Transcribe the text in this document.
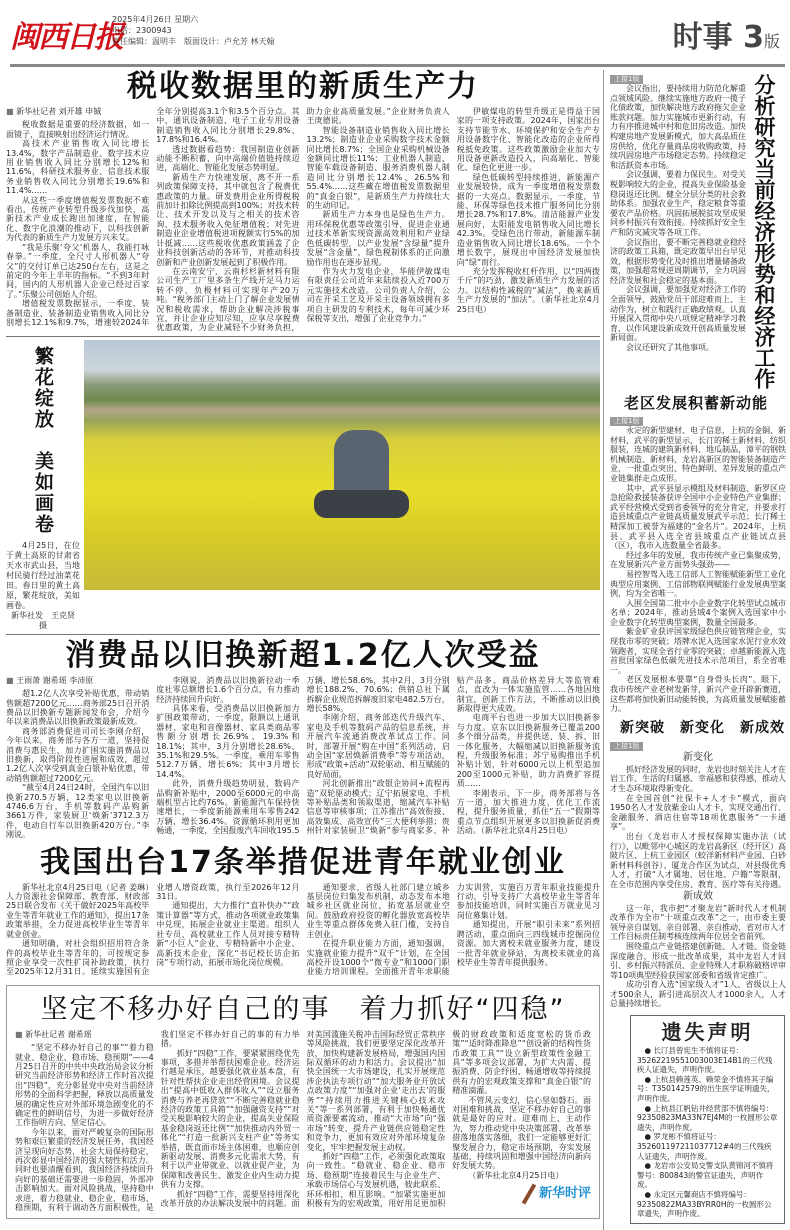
闽西日报
2025年4月26日 星期六
电话：2300943
责任编辑：温明丰　版面设计：卢允芳 林天翰	时事 3版
税收数据里的新质生产力

■ 新华社记者 刘开雄 申铖

税收数据是重要的经济数据，如一面镜子，直接映射出经济运行情况。

高技术产业销售收入同比增长13.4%，数字产品制造业、数字技术应用业销售收入同比分别增长12%和11.6%，科研技术服务业、信息技术服务业销售收入同比分别增长19.6%和11.4%……

从这些一季度增值税发票数据不难看出，传统产业转型升级步伐加快，高新技术产业成长跑出加速度，在智能化、数字化浪潮的推动下，以科技创新为代表的新质生产力发展方兴未艾。

“我是乐聚‘夸父’机器人，我能打咏春拳。”一季度，全尺寸人形机器人“夸父”的交付订单已达250台左右，这是之前定的今年上半年的指标。“不到3年时间，国内的人形机器人企业已经过百家了。”乐聚公司创始人介绍。

增值税发票数据显示，一季度，装备制造业、装备制造业销售收入同比分别增长12.1%和9.7%，增速较2024年全年分别提高3.1个和3.5个百分点。其中，通讯设备制造、电子工业专用设备制造销售收入同比分别增长29.8%、17.8%和16.4%。

透过数据看趋势：我国制造业创新动能不断积蓄，向中高端价值链持续迈进，高端化、智能化发展态势明显。

新质生产力快速发展，离不开一系列政策保障支持，其中就包含了税费优惠政策的力量。研发费用企业所得税税前加计扣除比例提高到100%；对技术转让、技术开发以及与之相关的技术咨询、技术服务收入免征增值税；对先进制造业企业增值税进项税额实行5%的加计抵减……这些税收优惠政策涵盖了企业科技创新活动的各环节，对推动科技创新和产业创新发展起到了积极作用。

在云南安宁，云南杉杉新材料有限公司生产工厂里多条生产线开足马力运转不停，负极材料可实现年产20万吨。“税务部门主动上门了解企业发展情况和税收需求，帮助企业解决涉税事宜，并让企业应知尽知，应享尽享税费优惠政策，为企业减轻不少财务负担，助力企业高质量发展。”企业财务负责人王庚德说。

智能设备制造业销售收入同比增长13.2%；制造业企业采购数字技术金额同比增长8.7%；全国企业采购机械设备金额同比增长11%；工业机器人制造、智能车载设备制造、服务消费机器人制造同比分别增长12.4%、26.5%和55.4%……这些藏在增值税发票数据里的“真金白银”，是新质生产力持续壮大的生动印记。

新质生产力本身也是绿色生产力。用环保税优惠等政策引导，促进企业通过技术革新实现资源高效利用和产业绿色低碳转型，以产业发展“含绿量”提升发展“含金量”，绿色税制体系的正向激励作用也在逐步显现。

作为火力发电企业，华能伊敏煤电有限责任公司近年来陆续投入近700万元实施技术改造。公司负责人介绍，公司在开采工艺及开采主设备领域拥有多项自主研发的专利技术，每年可减少环保税等支出，增强了企业竞争力。”

伊敏煤电的转型升级正是得益于国家的一项支持政策。2024年，国家出台支持节能节水、环境保护和安全生产专用设备数字化、智能化改造的企业所得税抵免政策。这些政策激励企业加大专用设备更新改造投入，向高端化、智能化、绿色化更进一步。

绿色低碳转型持续推进，新能源产业发展较快，成为一季度增值税发票数据的一大亮点。数据显示，一季度，节能、环保等绿色技术推广服务同比分别增长28.7%和17.8%。清洁能源产业发展向好，太阳能发电销售收入同比增长42.3%。受绿色出行带动，新能源车制造业销售收入同比增长18.6%。一个个增长数字，展现出中国经济发展加快向“绿”而行。

充分发挥税收杠杆作用，以“四两拨千斤”的巧劲，激发新质生产力发展的活力。以结构性减税的“减法”，换来新质生产力发展的“加法”。（新华社北京4月25日电）

繁花绽放　美如画卷
4月25日，在位于黄土高原的甘肃省天水市武山县，当地村民骑行经过油菜花田。春日里的黄土高原，繁花绽放，美如画卷。
新华社发　王克贤 摄
消费品以旧换新超1.2亿人次受益

■ 王雨萧 谢希瑶 李沛原

超1.2亿人次享受补贴优惠，带动销售额超7200亿元……商务部25日召开消费品以旧换新专题新闻发布会，介绍今年以来消费品以旧换新政策最新成效。

商务部消费促进司司长李刚介绍，今年以来，商务部与各方一道，坚持促消费与惠民生，加力扩围实施消费品以旧换新，取得阶段性进展和成效，超过1.2亿人次享受到真金白银补贴优惠，带动销售额超过7200亿元。

“截至4月24日24时，全国汽车以旧换新270.5万辆，12类家电以旧换新4746.6万台，手机等数码产品购新3661万件，家装厨卫‘焕新’3712.3万件，电动自行车以旧换新420万台。”李刚说。

李刚说，消费品以旧换新拉动一季度社零总额增长1.6个百分点，有力推动经济持续回升向好。

具体来看，受消费品以旧换新加力扩围政策带动，一季度，限额以上通讯器材、家电和音像器材、家具类商品零售额分别增长26.9%、19.3%和18.1%；其中，3月分别增长28.6%、35.1%和29.5%。一季度，乘用车零售512.7万辆，增长6%；其中3月增长14.4%。

此外，消费升级趋势明显，数码产品购新补贴中，2000至6000元的中高端机型占比约76%。新能源汽车保持快速增长，一季度新能源乘用车零售242万辆，增长36.4%。资源循环利用更加畅通，一季度，全国报废汽车回收195.5万辆，增长58.6%，其中2月、3月分别增长188.2%、70.6%；供销总社下属拆解企业规范拆解废旧家电482.5万台，增长58%。

李刚介绍，商务部迭代升级汽车、家电及手机等数码产品的信息系统，并开展汽车流通消费改革试点工作。同时，部署开展“购在中国”系列活动，启动全国“家居焕新消费季”等专项活动，形成“政策+活动”双轮驱动、相互赋能的良好局面。

河北创新推出“政银企协同+流程再造”双轮驱动模式；辽宁拓展家电、手机等补贴品类和领取渠道，缩减汽车补贴信息等审核事项；江苏推出“高效衔接、高效集成、高效宣传”三大便利举措；贵州针对家装厨卫“焕新”参与商家多、补贴产品多、商品价格差异大等监管难点，直改为一体实施监管……各地因地制宜，创新工作方法，不断推动以旧换新取得更大成效。

电商平台也进一步加大以旧换新参与力度。京东以旧换新服务已覆盖200多个细分品类，并提供送、装、拆、旧一体化服务，大幅缩减以旧换新服务流程，升级服务标准；苏宁易购推出手机补贴计划，针对6000元以上机型追加200至1000元补贴，助力消费扩容提质……

李刚表示，下一步，商务部将与各方一道，加大推进力度，优化工作流程，提升服务质量，抓住“五一”假期等重点节点组织开展更多以旧换新促消费活动。（新华社北京4月25日电）

我国出台17条举措促进青年就业创业

新华社北京4月25日电（记者 姜琳）人力资源社会保障部、教育部、财政部25日联合发布《关于做好2025年高校毕业生等青年就业工作的通知》，提出17条政策举措，全力促进高校毕业生等青年就业创业。

通知明确，对社会组织招用符合条件的高校毕业生等青年的，可按规定参照企业享受一次性扩岗补助政策，执行至2025年12月31日。延续实施国有企业增人增资政策，执行至2026年12月31日。

通知提出，大力推行“直补快办”“政策计算器”等方式，推动各项就业政策集中兑现，拓展企业就业主渠道。组织人社专员、高校就业工作人员对接专精特新“小巨人”企业、专精特新中小企业、高新技术企业，深化“书记校长访企拓岗”专项行动，拓展市场化岗位规模。

通知要求，省级人社部门建立城乡基层岗位归集发布机制，动态发布本地城乡社区就业岗位，拓宽基层就业空间。鼓励政府投资的孵化器放宽高校毕业生等重点群体免费入驻门槛，支持自主创业。

在提升职业能力方面，通知强调，实施就业能力提升“双千”计划，在全国高校开设1000个“微专业”和1000门职业能力培训课程。全面推开青年求职能力实训营，实施百万青年职业技能提升行动，引导支持广大高校毕业生等青年参加技能培训，同时实施百万就业见习岗位募集计划。

通知提出，开展“职引未来”系列招聘活动，重点面向三四线城市挖掘岗位资源。加大离校未就业服务力度，建设一批青年就业驿站，为离校未就业的高校毕业生等青年提供服务。

坚定不移办好自己的事　着力抓好“四稳”

■ 新华社记者 谢希瑶

“坚定不移办好自己的事”“着力稳就业、稳企业、稳市场、稳预期”——4月25日召开的中共中央政治局会议分析研究当前经济形势和经济工作时首次提出“四稳”，充分彰显党中央对当前经济形势的全面科学把握，释放以高质量发展的确定性应对外部环境急剧变化的不确定性的鲜明信号，为进一步做好经济工作指明方向、坚定信心。

今年以来，面对严峻复杂的国际形势和艰巨繁重的经济发展任务，我国经济呈现向好态势，社会大局保持稳定，再次彰显中国经济的强大韧性和活力。同时也要清醒看到，我国经济持续回升向好的基础还需要进一步稳固，外部冲击影响加大。面对风险挑战，坚持稳中求进，着力稳就业、稳企业、稳市场、稳预期，有利于调动各方面积极性，是我们坚定不移办好自己的事的有力举措。

抓好“四稳”工作，要紧紧围绕优先事项，多措并举帮扶困难企业。经济运行越是承压，越要强化就业基本盘，有针对性帮扶企业走出经营困境。会议提出“提高中低收入群体收入”“设立服务消费与养老再贷款”“不断完善稳就业稳经济的政策工具箱”“加强融资支持”“对受关税影响较大的企业，提高失业保险基金稳岗返还比例”“加快推动内外贸一体化”“打造一批新兴支柱产业”等务实举措，既直面市场主体困难，也顺应创新驱动发展、消费多元化需求大势，有利于以产业带就业、以就业促产业，为保障和改善民生、激发企业内生动力提供有力支撑。

抓好“四稳”工作，需要坚持用深化改革开放的办法解决发展中的问题。面对美国滥施关税冲击国际经贸正常秩序等风险挑战，我们更要坚定深化改革开放，加快构建新发展格局，增强国内国际双循环的动力和活力。会议提出“加快全国统一大市场建设，扎实开展规范涉企执法专项行动”“加大服务业开放试点政策力度”“加强对企业‘走出去’的服务”“持续用力推进关键核心技术攻关”等一系列部署，有利于加快畅通优质资源要素流动，推动“大市场”向“强市场”转变，提升产业链供应链稳定性和竞争力，更加有效应对外部环境复杂变化，牢牢把握发展主动权。

抓好“四稳”工作，必须强化政策取向一致性。“稳就业、稳企业、稳市场、稳预期”连接着民生与企业生产、承载市场信心与发展机遇，彼此联系、环环相扣、相互影响。“加紧实施更加积极有为的宏观政策，用好用足更加积极的财政政策和适度宽松的货币政策”“适时降准降息”“创设新的结构性货币政策工具”“设立新型政策性金融工具”等多项会议部署，为扩大内需、提振消费、防企纾困、畅通增收等持续提供有力的宏观政策支撑和“真金白银”的精准滴灌。

不管风云变幻，信心坚如磐石。面对困难和挑战，坚定不移办好自己的事就是最好的应对。迎难而上、主动作为，努力推动党中央决策部署、改革举措落地落实落细，我们一定能够更好汇聚发展合力，稳定市场预期，夯实发展基础，持续巩固和增强中国经济向新向好发展大势。

（新华社北京4月25日电）

新华时评
上接1版

会议指出，要持续用力防范化解重点领域风险。继续实施地方政府一揽子化债政策，加快解决地方政府拖欠企业账款问题。加力实施城市更新行动，有力有序推进城中村和危旧房改造。加快构建房地产发展新模式，加大高品质住房供给，优化存量商品房收购政策，持续巩固房地产市场稳定态势。持续稳定和活跃资本市场。

会议强调，要着力保民生。对受关税影响较大的企业，提高失业保险基金稳岗返还比例。健全分层分类的社会救助体系。加强农业生产，稳定粮食等重要农产品价格。巩固拓展脱贫攻坚成果同乡村振兴有效衔接。持续抓好安全生产和防灾减灾等各项工作。

会议指出，要不断完善稳就业稳经济的政策工具箱，既定政策早出台早见效，根据形势变化及时推出增量储备政策，加强超常规逆周期调节，全力巩固经济发展和社会稳定的基本面。

会议强调，要加强党对经济工作的全面领导，鼓励党员干部迎难而上、主动作为，树立和践行正确政绩观。认真开展深入贯彻中央八项规定精神学习教育，以作风建设新成效开创高质量发展新局面。

会议还研究了其他事项。	分析研究当前经济形势和经济工作
老区发展积蓄新动能
上接1版

永定的新型建材、电子信息，上杭的金铜、新材料，武平的新型显示，长汀的稀土新材料、纺织服装，连城的建筑新材料、地瓜制品，漳平的钢铁机械制造、新材料，龙岩高新区的智能装备制造产业，一批重点突出、特色鲜明、差异发展的重点产业链集群走点成形。

其中，武平县显示模组及材料制造、新罗区应急抢险救援装备获评全国中小企业特色产业集群；武平经营模式受到省委领导的充分肯定，并要求打造县域重点产业链高质量发展武平示范；长汀稀土精深加工被誉为福建的“金名片”。2024年，上杭县、武平县入选全省县域重点产业链试点县（区），我市入选数量全省最多。

经过多年的发展，我市传统产业已集聚成势，在发展新兴产业方面势头强劲——

易控智驾入选工信部人工智能赋能新型工业化典型应用案例、工信部物联网赋能行业发展典型案例，均为全省唯一。

入围全国第二批中小企业数字化转型试点城市名单；2024年，推动县域4个案例入选国家中小企业数字化转型典型案例，数量全国最多。

紫金矿业获评国家级绿色供应链管理企业，实现我市零的突破；塔牌水泥入选国家水泥行业水效领跑者，实现全省行业零的突破；卓越新能源入选首批国家绿色低碳先进技术示范项目，系全省唯一。

老区发展根本要靠“自身骨头长肉”。眼下，我市传统产业老树发新芽，新兴产业开辟新赛道，这些都将加快新旧动能转换，为高质量发展赋能蓄力。

新突破　新变化　新成效
上接1版

新变化

抓好经济发展的同时，龙岩也时刻关注人才在岩工作、生活的归属感、幸福感和获得感，推动人才生态环境取得新变化。

在全国首创“社保卡+人才卡”模式，面向1950名人才发放紫金山人才卡，实现交通出行、金融服务、酒店住宿等18项优惠服务“一卡通享”。

出台《龙岩市人才授权保障实施办法（试行）》，以毗邻中心城区的龙岩高新区（经开区）高陂片区、上杭工业园区（蛟洋新材料产业园、白砂新材料科创谷）、厦龙合作区为试点，对县级优秀人才，打破“人才属地、居住地、户籍”等限制，在全市范围内享受住房、教育、医疗等有关待遇。

新成效

这一年，我市把“才聚龙岩”新时代人才机制改革作为全市“十项重点改革”之一，由市委主要领导亲自谋划、亲自部署、亲自推动，省对市人才工作目标责任制考核连续两年位居全省前列。

围绕重点产业链搭建创新链、人才链、资金链深度融合，形成一批改革成果，其中龙岩人才回引、乡村振兴特派员、企业特殊人才职称破格评审等10项典型经验获国家部委和省级肯定推广。

成功引育入选“国家级人才”1人、省级以上人才500余人，新引进高层次人才1000余人，人才总量持续增长。

遗失声明

● 长汀县曾宪生不慎将证号：35262219551003003E14B1的三代残疾人证遗失，声明作废。

● 上杭县赖莲英、赖荣金不慎将其子编号：T350142579的出生医学证明遗失，声明作废。

● 上杭县江帆钻井经营部不慎将编号：92350823MA33N7EJ4M的一枚圆形公章遗失，声明作废。

● 罗龙彬不慎将证号：352601197211037712#4的三代残疾人证遗失，声明作废。

● 龙岩市公安局交警支队黄锦河不慎将警号：800843的警官证遗失，声明作废。

● 永定区元馨商店不慎将编号：92350822MA33BYRR0H的一枚圆形公章遗失，声明作废。
